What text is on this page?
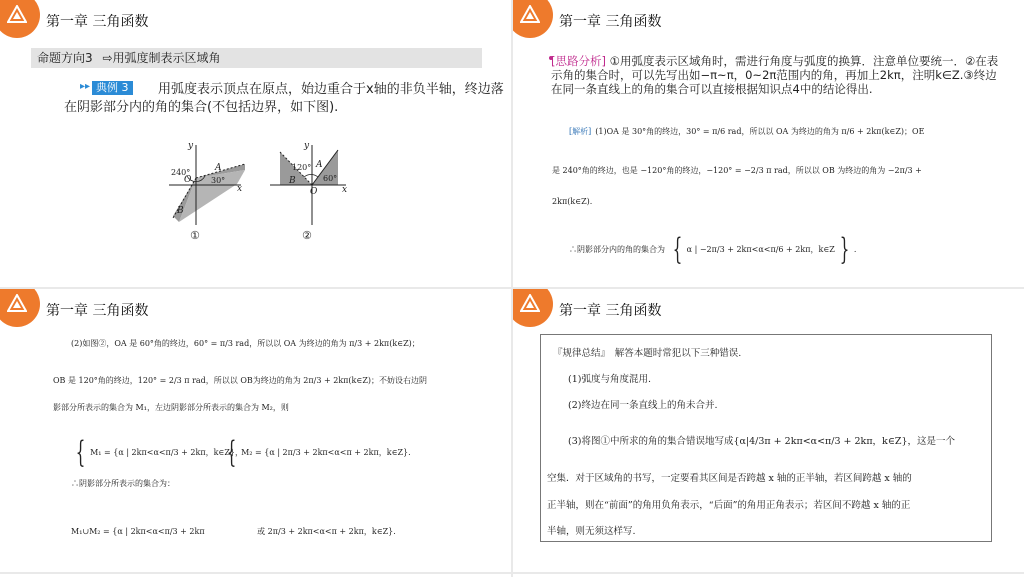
第一章 三角函数
命题方向3 ⇨用弧度制表示区域角
▸▸ 典例 3	用弧度表示顶点在原点，始边重合于x轴的非负半轴，终边落在阴影部分内的角的集合(不包括边界，如下图).
y
x
O
A
B
240°
30°
①
y
x
O
A
B
120°
60°
②
第一章 三角函数
[思路分析] ①用弧度表示区域角时，需进行角度与弧度的换算．注意单位要统一．②在表示角的集合时，可以先写出如−π~π，0~2π范围内的角，再加上2kπ，注明k∈Z.③终边在同一条直线上的角的集合可以直接根据知识点4中的结论得出.
[解析] (1)OA 是 30°角的终边，30° = π/6 rad，所以以 OA 为终边的角为 π/6 + 2kπ(k∈Z)；OE
是 240°角的终边，也是 −120°角的终边，−120° = −2/3 π rad，所以以 OB 为终边的角为 −2π/3 +
2kπ(k∈Z).
∴阴影部分内的角的集合为 { α | −2π/3 + 2kπ<α<π/6 + 2kπ，k∈Z } .
第一章 三角函数
(2)如图②，OA 是 60°角的终边，60° = π/3 rad，所以以 OA 为终边的角为 π/3 + 2kπ(k∈Z)；
OB 是 120°角的终边，120° = 2/3 π rad，所以以 OB为终边的角为 2π/3 + 2kπ(k∈Z)；不妨设右边阴
影部分所表示的集合为 M₁，左边阴影部分所表示的集合为 M₂，则
{ M₁ = {α | 2kπ<α<π/3 + 2kπ，k∈Z}，
{ M₂ = {α | 2π/3 + 2kπ<α<π + 2kπ，k∈Z}.
∴阴影部分所表示的集合为：
M₁∪M₂ = {α | 2kπ<α<π/3 + 2kπ	或 2π/3 + 2kπ<α<π + 2kπ，k∈Z}.
第一章 三角函数
『规律总结』　解答本题时常犯以下三种错误.
(1)弧度与角度混用.
(2)终边在同一条直线上的角未合并.
(3)将图①中所求的角的集合错误地写成{α|4/3π + 2kπ<α<π/3 + 2kπ，k∈Z}，这是一个
空集．对于区域角的书写，一定要看其区间是否跨越 x 轴的正半轴，若区间跨越 x 轴的
正半轴，则在“前面”的角用负角表示，“后面”的角用正角表示；若区间不跨越 x 轴的正
半轴，则无须这样写.
